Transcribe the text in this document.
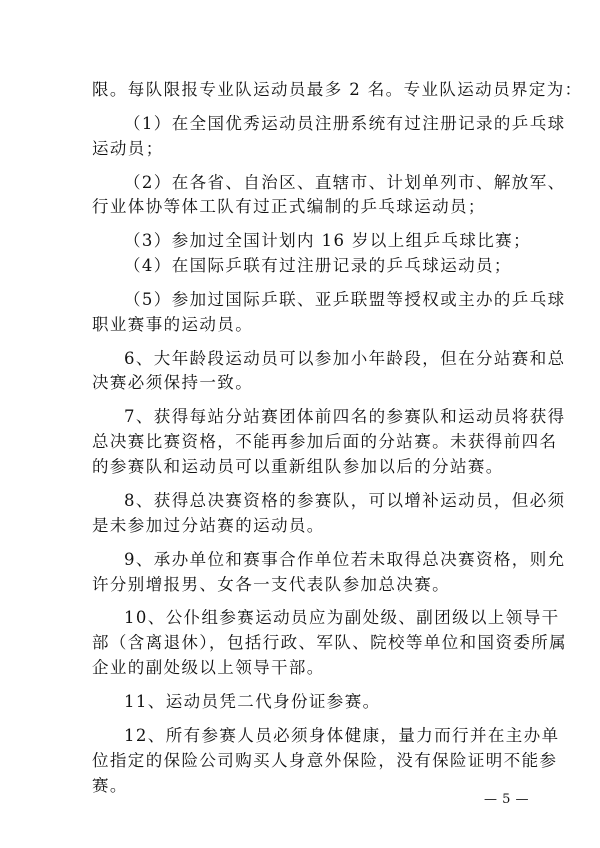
限。每队限报专业队运动员最多 2 名。专业队运动员界定为：
（1）在全国优秀运动员注册系统有过注册记录的乒乓球
运动员；
（2）在各省、自治区、直辖市、计划单列市、解放军、
行业体协等体工队有过正式编制的乒乓球运动员；
（3）参加过全国计划内 16 岁以上组乒乓球比赛；
（4）在国际乒联有过注册记录的乒乓球运动员；
（5）参加过国际乒联、亚乒联盟等授权或主办的乒乓球
职业赛事的运动员。
6、大年龄段运动员可以参加小年龄段，但在分站赛和总
决赛必须保持一致。
7、获得每站分站赛团体前四名的参赛队和运动员将获得
总决赛比赛资格，不能再参加后面的分站赛。未获得前四名
的参赛队和运动员可以重新组队参加以后的分站赛。
8、获得总决赛资格的参赛队，可以增补运动员，但必须
是未参加过分站赛的运动员。
9、承办单位和赛事合作单位若未取得总决赛资格，则允
许分别增报男、女各一支代表队参加总决赛。
10、公仆组参赛运动员应为副处级、副团级以上领导干
部（含离退休），包括行政、军队、院校等单位和国资委所属
企业的副处级以上领导干部。
11、运动员凭二代身份证参赛。
12、所有参赛人员必须身体健康，量力而行并在主办单
位指定的保险公司购买人身意外保险，没有保险证明不能参
赛。
— 5 —
